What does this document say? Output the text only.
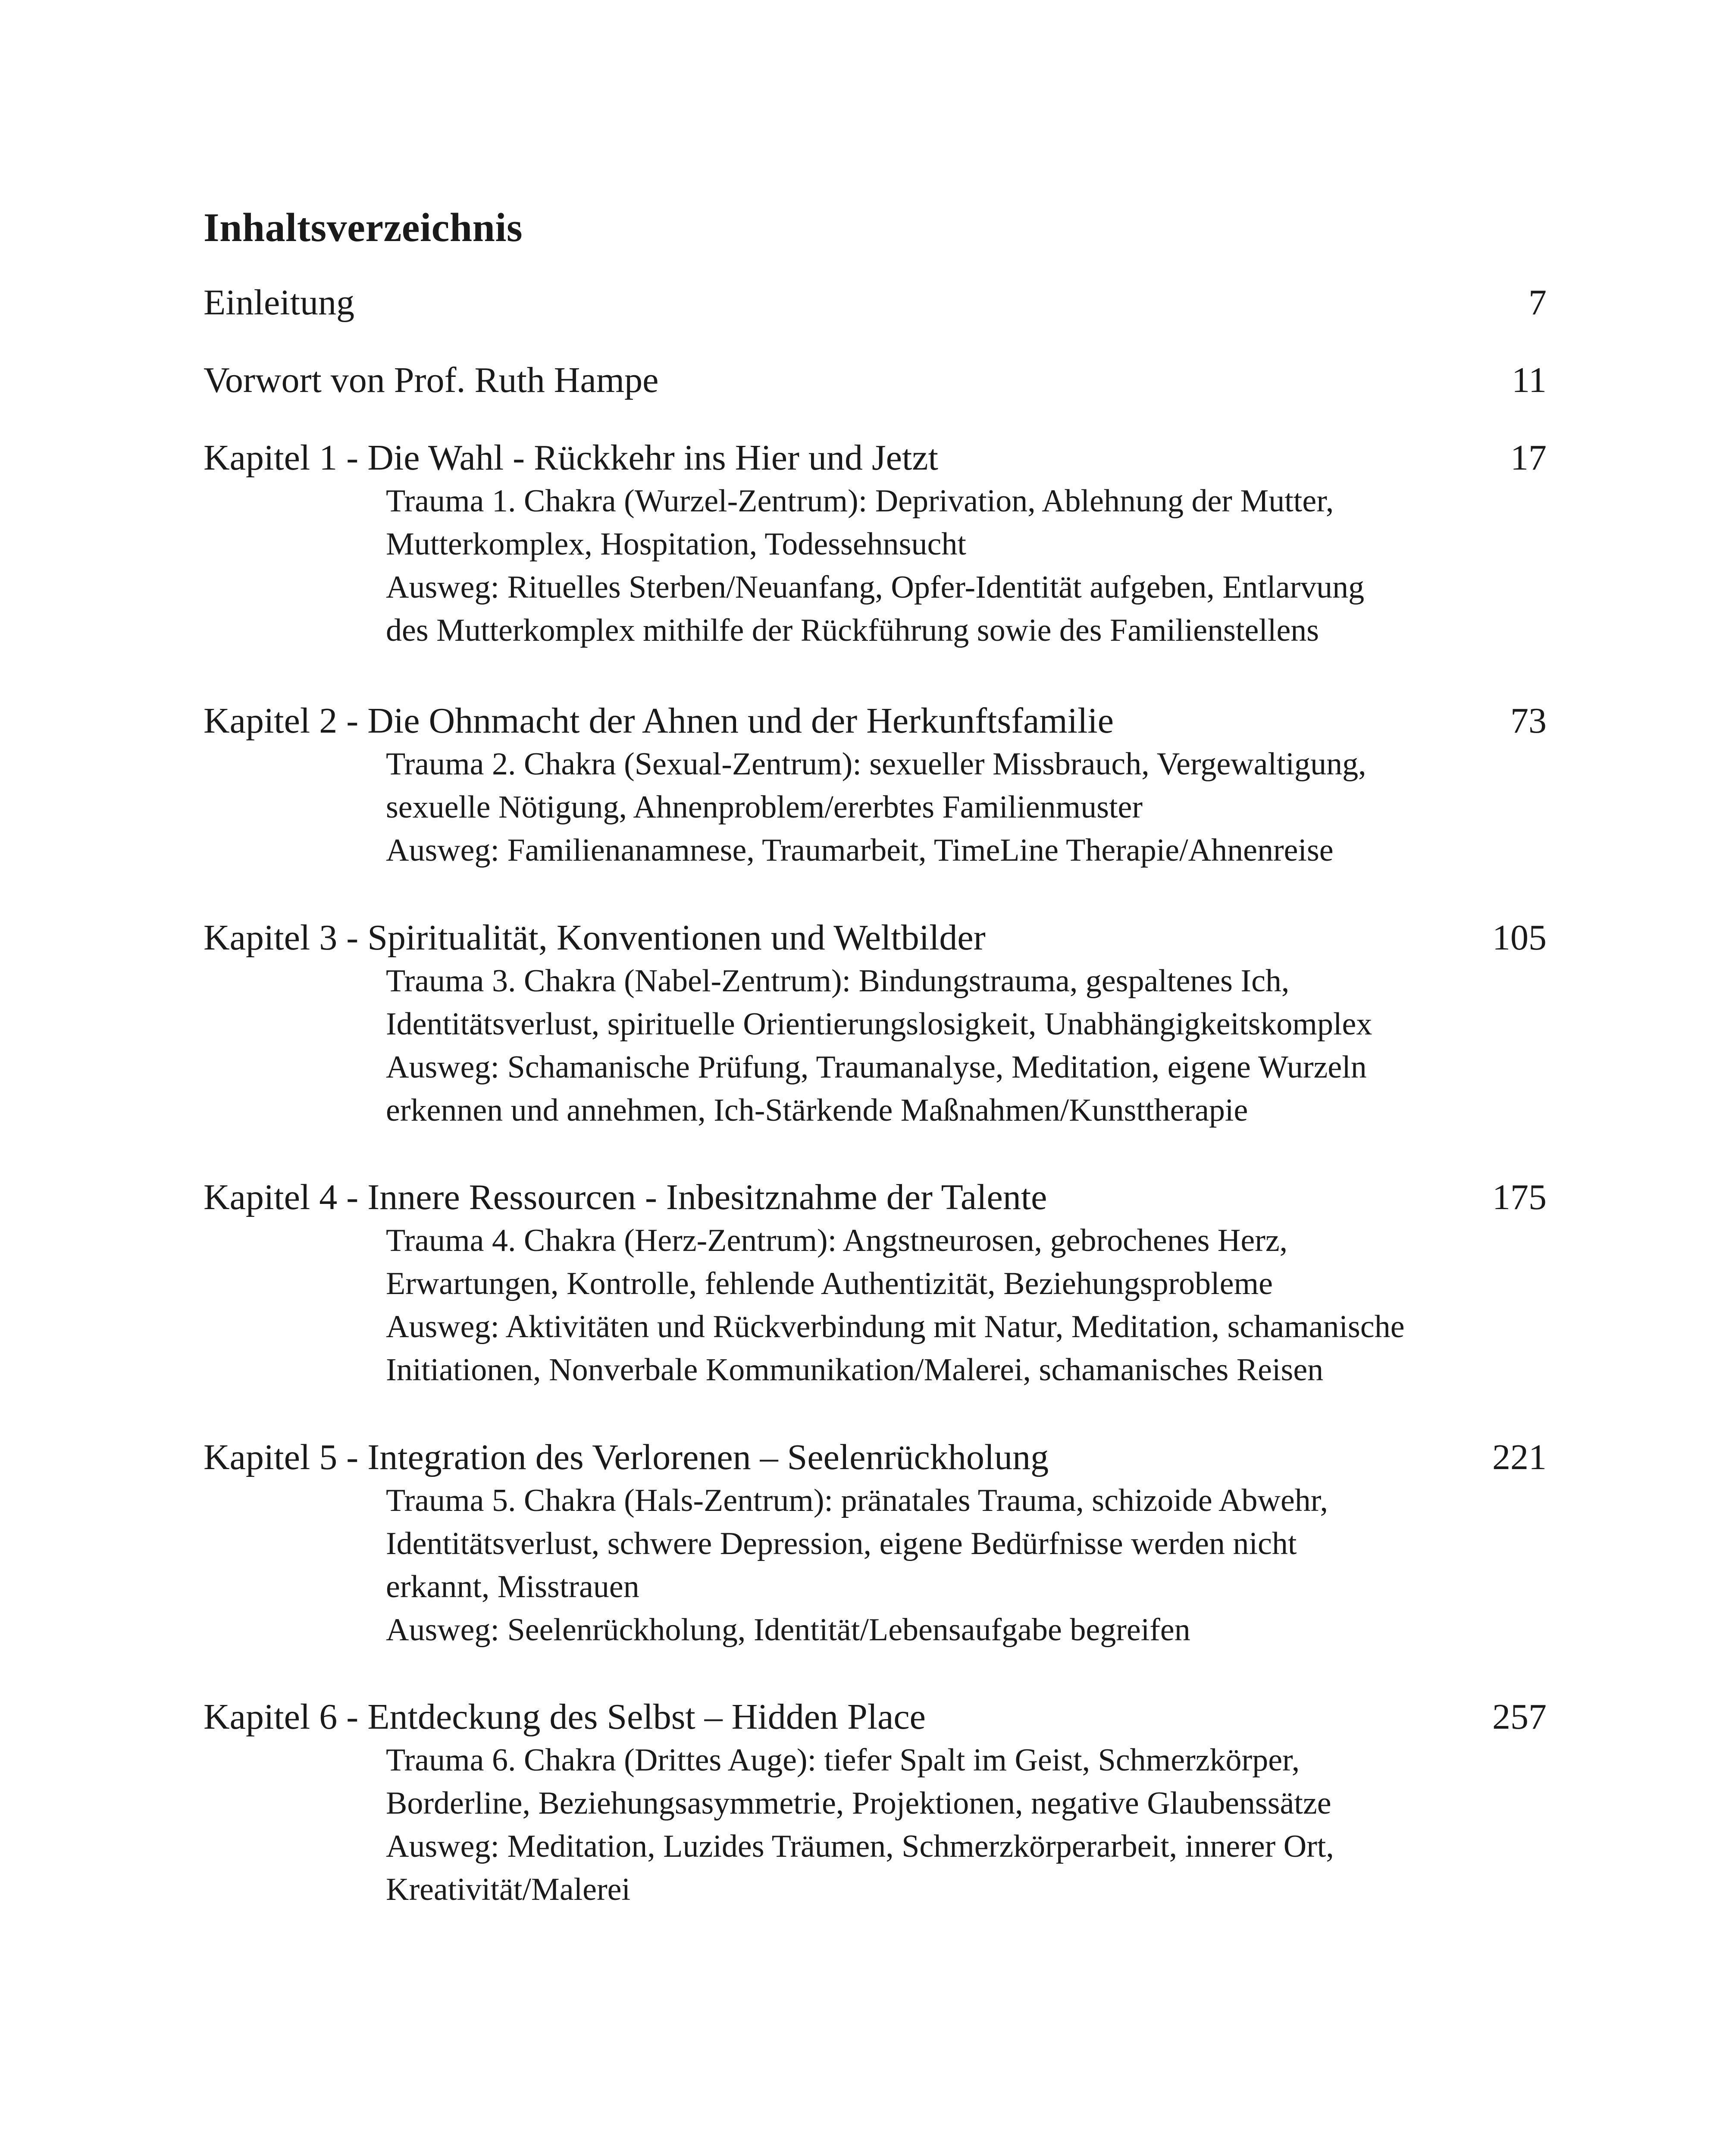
Inhaltsverzeichnis
Einleitung	7
Vorwort von Prof. Ruth Hampe	11
Kapitel 1 - Die Wahl - Rückkehr ins Hier und Jetzt	17

Trauma 1. Chakra (Wurzel-Zentrum): Deprivation, Ablehnung der Mutter,

Mutterkomplex, Hospitation, Todessehnsucht

Ausweg: Rituelles Sterben/Neuanfang, Opfer-Identität aufgeben, Entlarvung

des Mutterkomplex mithilfe der Rückführung sowie des Familienstellens

Kapitel 2 - Die Ohnmacht der Ahnen und der Herkunftsfamilie	73

Trauma 2. Chakra (Sexual-Zentrum): sexueller Missbrauch, Vergewaltigung,

sexuelle Nötigung, Ahnenproblem/ererbtes Familienmuster

Ausweg: Familienanamnese, Traumarbeit, TimeLine Therapie/Ahnenreise

Kapitel 3 - Spiritualität, Konventionen und Weltbilder	105

Trauma 3. Chakra (Nabel-Zentrum): Bindungstrauma, gespaltenes Ich,

Identitätsverlust, spirituelle Orientierungslosigkeit, Unabhängigkeitskomplex

Ausweg: Schamanische Prüfung, Traumanalyse, Meditation, eigene Wurzeln

erkennen und annehmen, Ich-Stärkende Maßnahmen/Kunsttherapie

Kapitel 4 - Innere Ressourcen - Inbesitznahme der Talente	175

Trauma 4. Chakra (Herz-Zentrum): Angstneurosen, gebrochenes Herz,

Erwartungen, Kontrolle, fehlende Authentizität, Beziehungsprobleme

Ausweg: Aktivitäten und Rückverbindung mit Natur, Meditation, schamanische

Initiationen, Nonverbale Kommunikation/Malerei, schamanisches Reisen

Kapitel 5 - Integration des Verlorenen – Seelenrückholung	221

Trauma 5. Chakra (Hals-Zentrum): pränatales Trauma, schizoide Abwehr,

Identitätsverlust, schwere Depression, eigene Bedürfnisse werden nicht

erkannt, Misstrauen

Ausweg: Seelenrückholung, Identität/Lebensaufgabe begreifen

Kapitel 6 - Entdeckung des Selbst – Hidden Place	257

Trauma 6. Chakra (Drittes Auge): tiefer Spalt im Geist, Schmerzkörper,

Borderline, Beziehungsasymmetrie, Projektionen, negative Glaubenssätze

Ausweg: Meditation, Luzides Träumen, Schmerzkörperarbeit, innerer Ort,

Kreativität/Malerei
